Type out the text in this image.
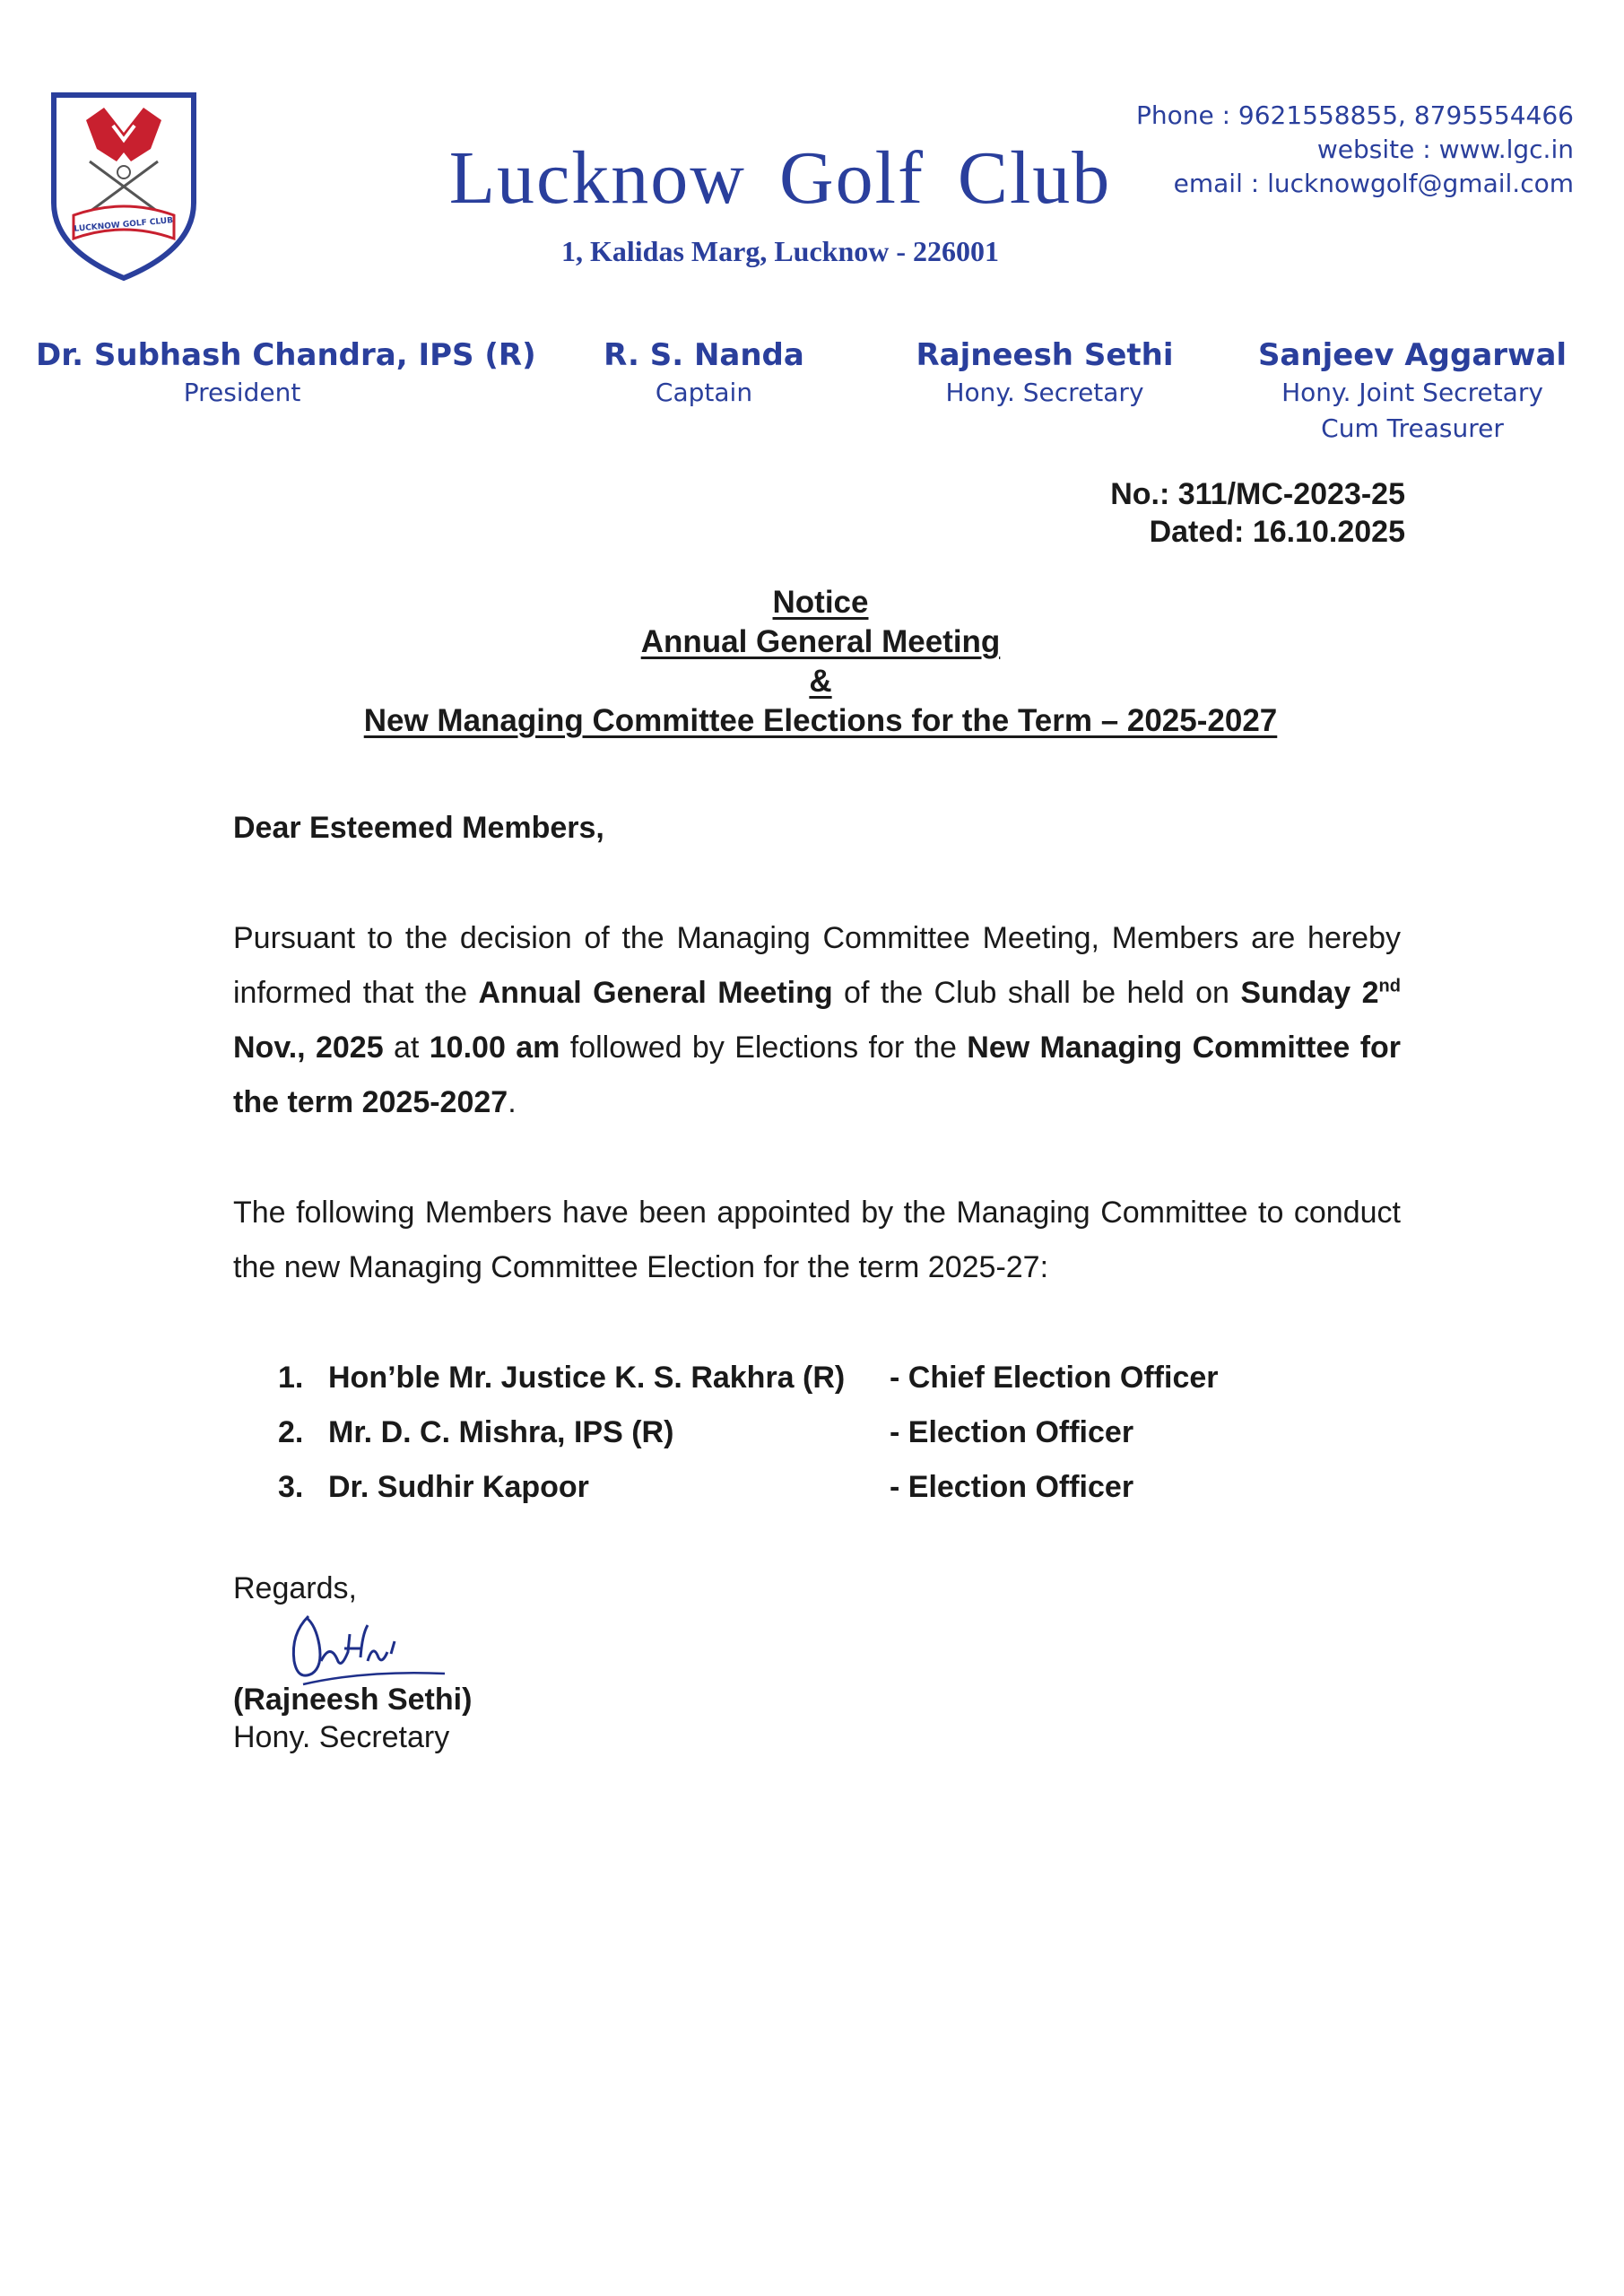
LUCKNOW GOLF CLUB
Lucknow Golf Club
1, Kalidas Marg, Lucknow - 226001
Phone : 9621558855, 8795554466
website : www.lgc.in
email : lucknowgolf@gmail.com
Dr. Subhash Chandra, IPS (R)
President
R. S. Nanda
Captain
Rajneesh Sethi
Hony. Secretary
Sanjeev Aggarwal
Hony. Joint Secretary
Cum Treasurer
No.: 311/MC-2023-25
Dated: 16.10.2025
Notice
Annual General Meeting
&
New Managing Committee Elections for the Term – 2025-2027
Dear Esteemed Members,
Pursuant to the decision of the Managing Committee Meeting, Members are hereby informed that the Annual General Meeting of the Club shall be held on Sunday 2nd Nov., 2025 at 10.00 am followed by Elections for the New Managing Committee for the term 2025-2027.
The following Members have been appointed by the Managing Committee to conduct the new Managing Committee Election for the term 2025-27:
1. Hon’ble Mr. Justice K. S. Rakhra (R)	- Chief Election Officer
2. Mr. D. C. Mishra, IPS (R)	- Election Officer
3. Dr. Sudhir Kapoor	- Election Officer
Regards,
(Rajneesh Sethi)
Hony. Secretary
